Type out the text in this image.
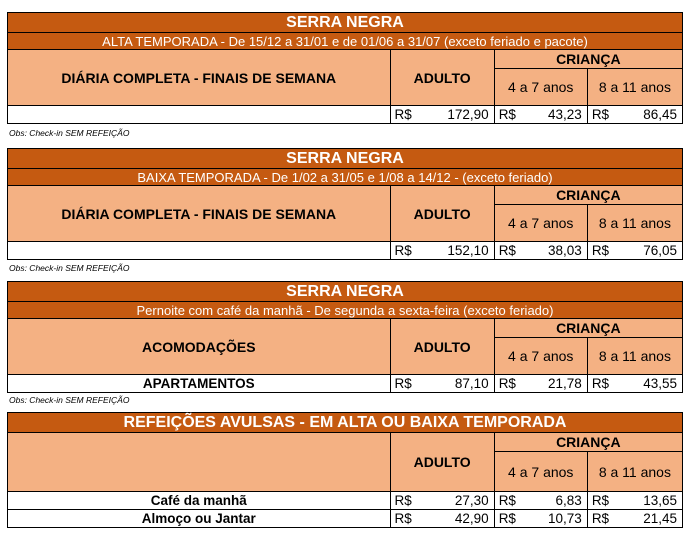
SERRA NEGRA			
ALTA TEMPORADA - De 15/12 a 31/01 e de 01/06 a 31/07 (exceto feriado e pacote)			
DIÁRIA COMPLETA - FINAIS DE SEMANA	ADULTO	CRIANÇA	
		4 a 7 anos	8 a 11 anos

	R$ 172,90	R$ 43,23	R$ 86,45
Obs: Check-in SEM REFEIÇÃO
SERRA NEGRA			
BAIXA TEMPORADA - De 1/02 a 31/05 e 1/08 a 14/12 - (exceto feriado)			
DIÁRIA COMPLETA - FINAIS DE SEMANA	ADULTO	CRIANÇA	
		4 a 7 anos	8 a 11 anos

	R$ 152,10	R$ 38,03	R$ 76,05
Obs: Check-in SEM REFEIÇÃO
SERRA NEGRA			
Pernoite com café da manhã - De segunda a sexta-feira (exceto feriado)			
ACOMODAÇÕES	ADULTO	CRIANÇA	
		4 a 7 anos	8 a 11 anos
APARTAMENTOS	R$ 87,10	R$ 21,78	R$ 43,55
Obs: Check-in SEM REFEIÇÃO
REFEIÇÕES AVULSAS - EM ALTA OU BAIXA TEMPORADA			
	ADULTO	CRIANÇA	
		4 a 7 anos	8 a 11 anos
Café da manhã	R$ 27,30	R$ 6,83	R$ 13,65

Almoço ou Jantar	R$ 42,90	R$ 10,73	R$ 21,45
